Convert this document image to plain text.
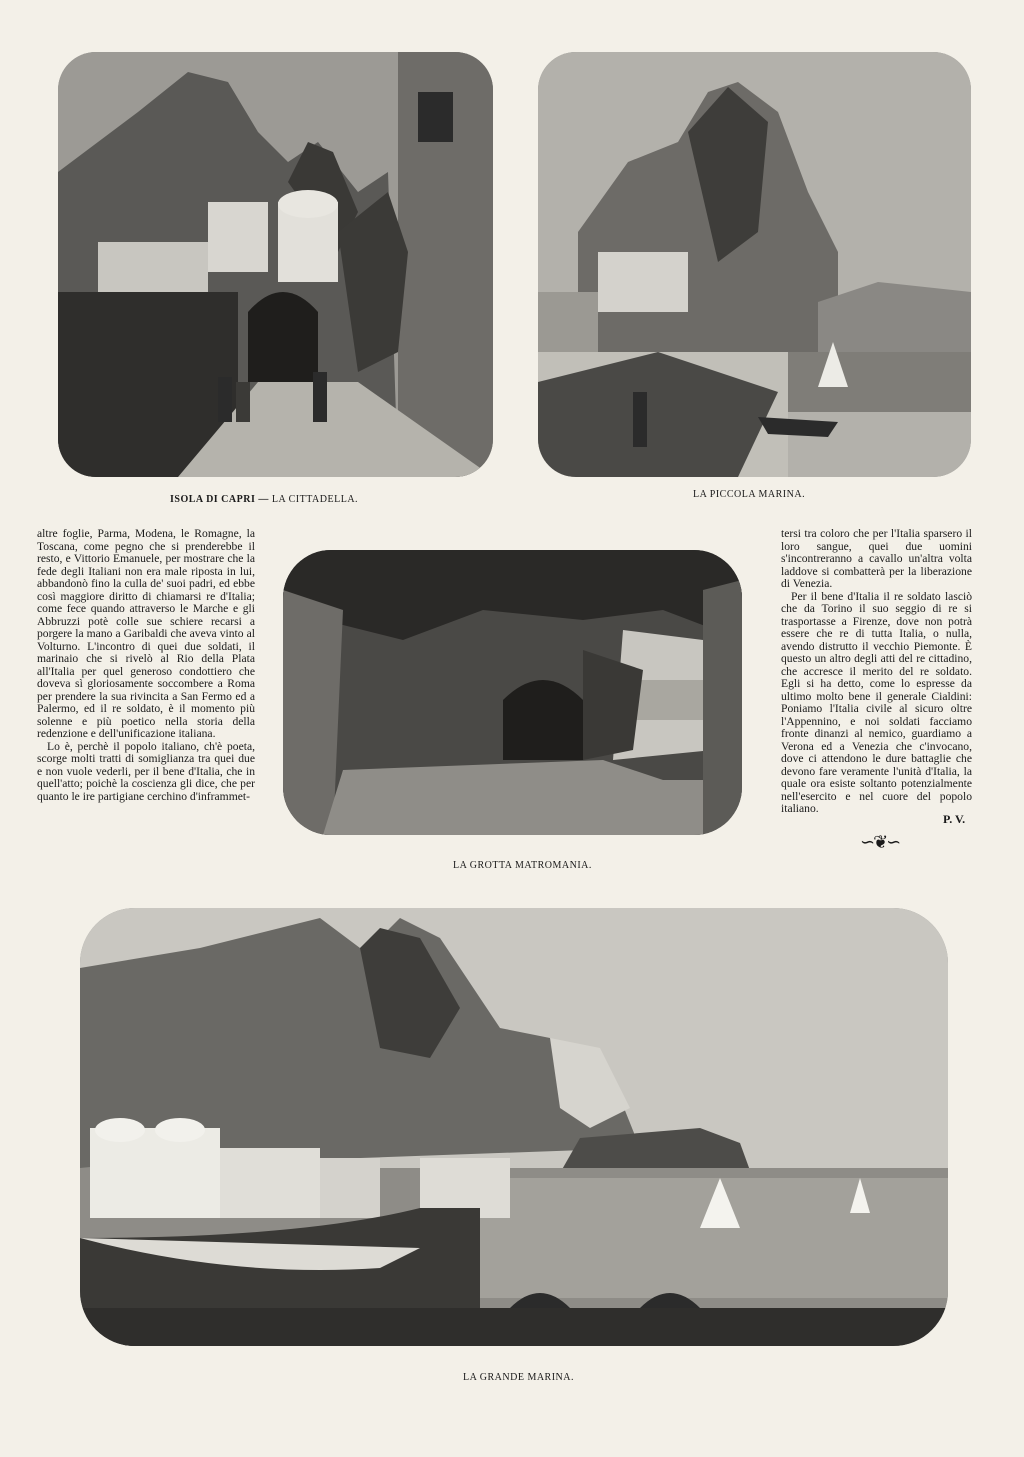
ISOLA DI CAPRI — LA CITTADELLA.	LA PICCOLA MARINA.

altre foglie, Parma, Modena, le Romagne, la Toscana, come pegno che si prenderebbe il resto, e Vittorio Emanuele, per mostrare che la fede degli Italiani non era male riposta in lui, abbandonò fino la culla de' suoi padri, ed ebbe così maggiore diritto di chiamarsi re d'Italia; come fece quando attraverso le Marche e gli Abbruzzi potè colle sue schiere recarsi a porgere la mano a Garibaldi che aveva vinto al Volturno. L'incontro di quei due soldati, il marinaio che si rivelò al Rio della Plata all'Italia per quel generoso condottiero che doveva sì gloriosamente soccombere a Roma per prendere la sua rivincita a San Fermo ed a Palermo, ed il re soldato, è il momento più solenne e più poetico nella storia della redenzione e dell'unificazione italiana.

Lo è, perchè il popolo italiano, ch'è poeta, scorge molti tratti di somiglianza tra quei due e non vuole vederli, per il bene d'Italia, che in quell'atto; poichè la coscienza gli dice, che per quanto le ire partigiane cerchino d'inframmet-

LA GROTTA MATROMANIA.

tersi tra coloro che per l'Italia sparsero il loro sangue, quei due uomini s'incontreranno a cavallo un'altra volta laddove si combatterà per la liberazione di Venezia.

Per il bene d'Italia il re soldato lasciò che da Torino il suo seggio di re si trasportasse a Firenze, dove non potrà essere che re di tutta Italia, o nulla, avendo distrutto il vecchio Piemonte. È questo un altro degli atti del re cittadino, che accresce il merito del re soldato. Egli si ha detto, come lo espresse da ultimo molto bene il generale Cialdini: Poniamo l'Italia civile al sicuro oltre l'Appennino, e noi soldati facciamo fronte dinanzi al nemico, guardiamo a Verona ed a Venezia che c'invocano, dove ci attendono le dure battaglie che devono fare veramente l'unità d'Italia, la quale ora esiste soltanto potenzialmente nell'esercito e nel cuore del popolo italiano.

P. V.
∽❦∽
LA GRANDE MARINA.
